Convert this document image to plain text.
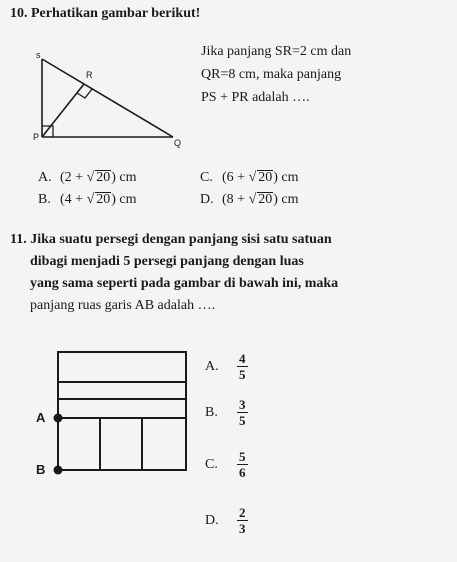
10. Perhatikan gambar berikut!
s
R
P
Q
Jika panjang SR=2 cm dan
QR=8 cm, maka panjang
PS + PR adalah ….
A. (2 + √ 20) cm
B. (4 + √ 20) cm
C. (6 + √ 20) cm
D. (8 + √ 20) cm
11. Jika suatu persegi dengan panjang sisi satu satuan
dibagi menjadi 5 persegi panjang dengan luas
yang sama seperti pada gambar di bawah ini, maka
panjang ruas garis AB adalah ….
A
B
A. $\frac{4}{5}$
B. $\frac{3}{5}$
C. $\frac{5}{6}$
D. $\frac{2}{3}$
